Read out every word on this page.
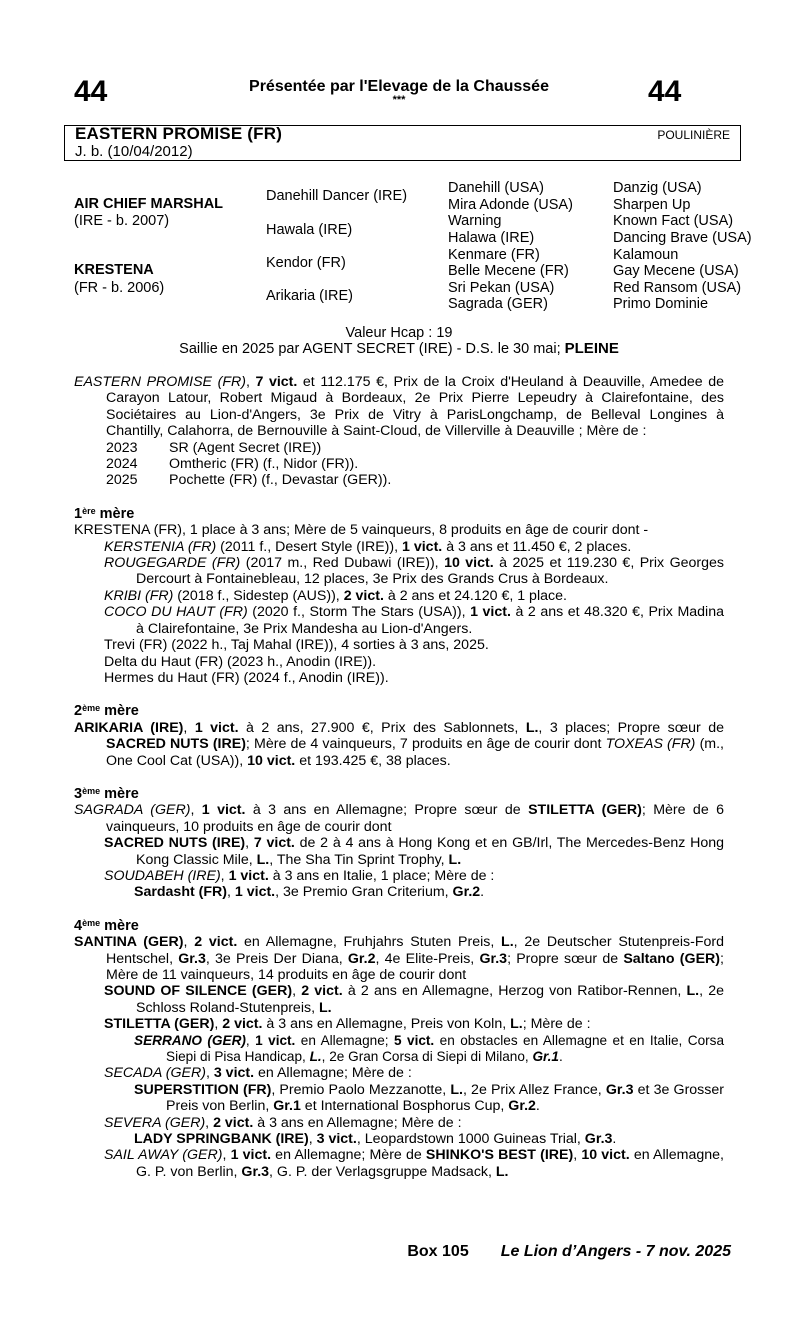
44	44
Présentée par l'Elevage de la Chaussée
***
EASTERN PROMISE (FR)
J. b. (10/04/2012)
POULINIÈRE
AIR CHIEF MARSHAL
(IRE - b. 2007)
KRESTENA
(FR - b. 2006)
Danehill Dancer (IRE)
Hawala (IRE)
Kendor (FR)
Arikaria (IRE)
Danehill (USA)
Mira Adonde (USA)
Warning
Halawa (IRE)
Kenmare (FR)
Belle Mecene (FR)
Sri Pekan (USA)
Sagrada (GER)
Danzig (USA)
Sharpen Up
Known Fact (USA)
Dancing Brave (USA)
Kalamoun
Gay Mecene (USA)
Red Ransom (USA)
Primo Dominie
Valeur Hcap : 19
Saillie en 2025 par AGENT SECRET (IRE) - D.S. le 30 mai; PLEINE

EASTERN PROMISE (FR), 7 vict. et 112.175 €, Prix de la Croix d'Heuland à Deauville, Amedee de Carayon Latour, Robert Migaud à Bordeaux, 2e Prix Pierre Lepeudry à Clairefontaine, des Sociétaires au Lion-d'Angers, 3e Prix de Vitry à ParisLongchamp, de Belleval Longines à Chantilly, Calahorra, de Bernouville à Saint-Cloud, de Villerville à Deauville ; Mère de :

2023 SR (Agent Secret (IRE))

2024 Omtheric (FR) (f., Nidor (FR)).

2025 Pochette (FR) (f., Devastar (GER)).

1ère mère

KRESTENA (FR), 1 place à 3 ans; Mère de 5 vainqueurs, 8 produits en âge de courir dont -

KERSTENIA (FR) (2011 f., Desert Style (IRE)), 1 vict. à 3 ans et 11.450 €, 2 places.

ROUGEGARDE (FR) (2017 m., Red Dubawi (IRE)), 10 vict. à 2025 et 119.230 €, Prix Georges Dercourt à Fontainebleau, 12 places, 3e Prix des Grands Crus à Bordeaux.

KRIBI (FR) (2018 f., Sidestep (AUS)), 2 vict. à 2 ans et 24.120 €, 1 place.

COCO DU HAUT (FR) (2020 f., Storm The Stars (USA)), 1 vict. à 2 ans et 48.320 €, Prix Madina à Clairefontaine, 3e Prix Mandesha au Lion-d'Angers.

Trevi (FR) (2022 h., Taj Mahal (IRE)), 4 sorties à 3 ans, 2025.

Delta du Haut (FR) (2023 h., Anodin (IRE)).

Hermes du Haut (FR) (2024 f., Anodin (IRE)).

2ème mère

ARIKARIA (IRE), 1 vict. à 2 ans, 27.900 €, Prix des Sablonnets, L., 3 places; Propre sœur de SACRED NUTS (IRE); Mère de 4 vainqueurs, 7 produits en âge de courir dont TOXEAS (FR) (m., One Cool Cat (USA)), 10 vict. et 193.425 €, 38 places.

3ème mère

SAGRADA (GER), 1 vict. à 3 ans en Allemagne; Propre sœur de STILETTA (GER); Mère de 6 vainqueurs, 10 produits en âge de courir dont

SACRED NUTS (IRE), 7 vict. de 2 à 4 ans à Hong Kong et en GB/Irl, The Mercedes-Benz Hong Kong Classic Mile, L., The Sha Tin Sprint Trophy, L.

SOUDABEH (IRE), 1 vict. à 3 ans en Italie, 1 place; Mère de :

Sardasht (FR), 1 vict., 3e Premio Gran Criterium, Gr.2.

4ème mère

SANTINA (GER), 2 vict. en Allemagne, Fruhjahrs Stuten Preis, L., 2e Deutscher Stutenpreis-Ford Hentschel, Gr.3, 3e Preis Der Diana, Gr.2, 4e Elite-Preis, Gr.3; Propre sœur de Saltano (GER); Mère de 11 vainqueurs, 14 produits en âge de courir dont

SOUND OF SILENCE (GER), 2 vict. à 2 ans en Allemagne, Herzog von Ratibor-Rennen, L., 2e Schloss Roland-Stutenpreis, L.

STILETTA (GER), 2 vict. à 3 ans en Allemagne, Preis von Koln, L.; Mère de :

SERRANO (GER), 1 vict. en Allemagne; 5 vict. en obstacles en Allemagne et en Italie, Corsa Siepi di Pisa Handicap, L., 2e Gran Corsa di Siepi di Milano, Gr.1.

SECADA (GER), 3 vict. en Allemagne; Mère de :

SUPERSTITION (FR), Premio Paolo Mezzanotte, L., 2e Prix Allez France, Gr.3 et 3e Grosser Preis von Berlin, Gr.1 et International Bosphorus Cup, Gr.2.

SEVERA (GER), 2 vict. à 3 ans en Allemagne; Mère de :

LADY SPRINGBANK (IRE), 3 vict., Leopardstown 1000 Guineas Trial, Gr.3.

SAIL AWAY (GER), 1 vict. en Allemagne; Mère de SHINKO'S BEST (IRE), 10 vict. en Allemagne, G. P. von Berlin, Gr.3, G. P. der Verlagsgruppe Madsack, L.

Box 105 Le Lion d’Angers - 7 nov. 2025
